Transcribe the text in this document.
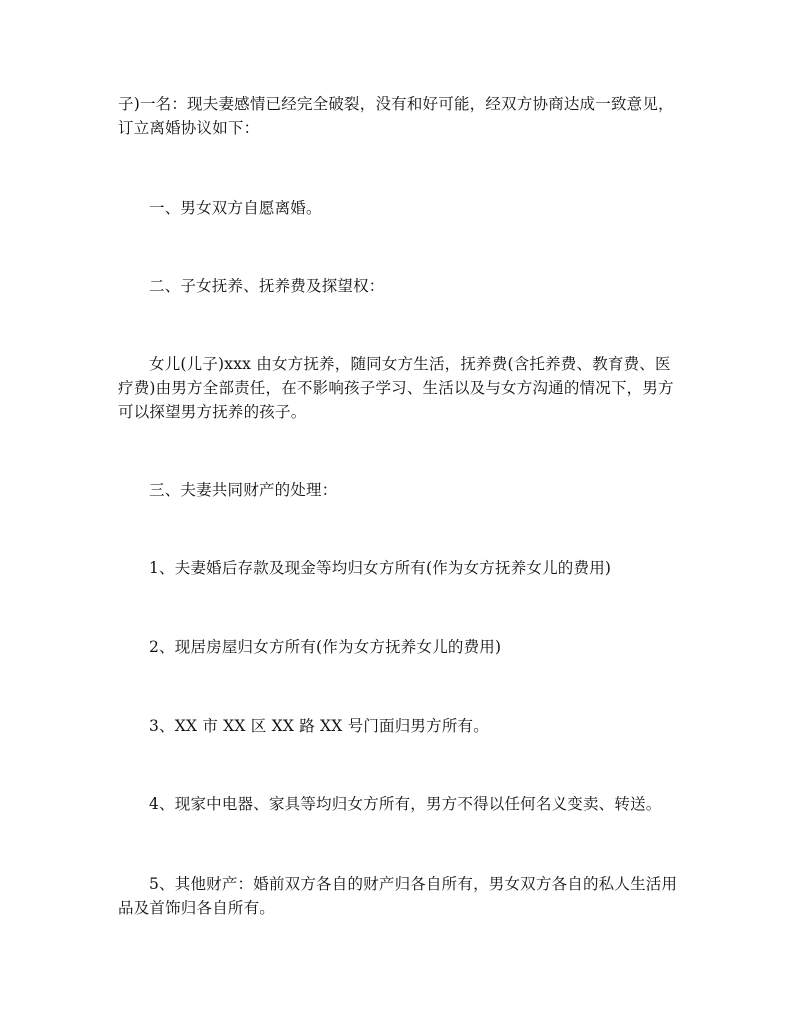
子)一名：现夫妻感情已经完全破裂，没有和好可能，经双方协商达成一致意见，
订立离婚协议如下：

一、男女双方自愿离婚。

二、子女抚养、抚养费及探望权：

女儿(儿子)xxx 由女方抚养，随同女方生活，抚养费(含托养费、教育费、医
疗费)由男方全部责任，在不影响孩子学习、生活以及与女方沟通的情况下，男方
可以探望男方抚养的孩子。

三、夫妻共同财产的处理：

1、夫妻婚后存款及现金等均归女方所有(作为女方抚养女儿的费用)

2、现居房屋归女方所有(作为女方抚养女儿的费用)

3、XX 市 XX 区 XX 路 XX 号门面归男方所有。

4、现家中电器、家具等均归女方所有，男方不得以任何名义变卖、转送。

5、其他财产：婚前双方各自的财产归各自所有，男女双方各自的私人生活用
品及首饰归各自所有。
